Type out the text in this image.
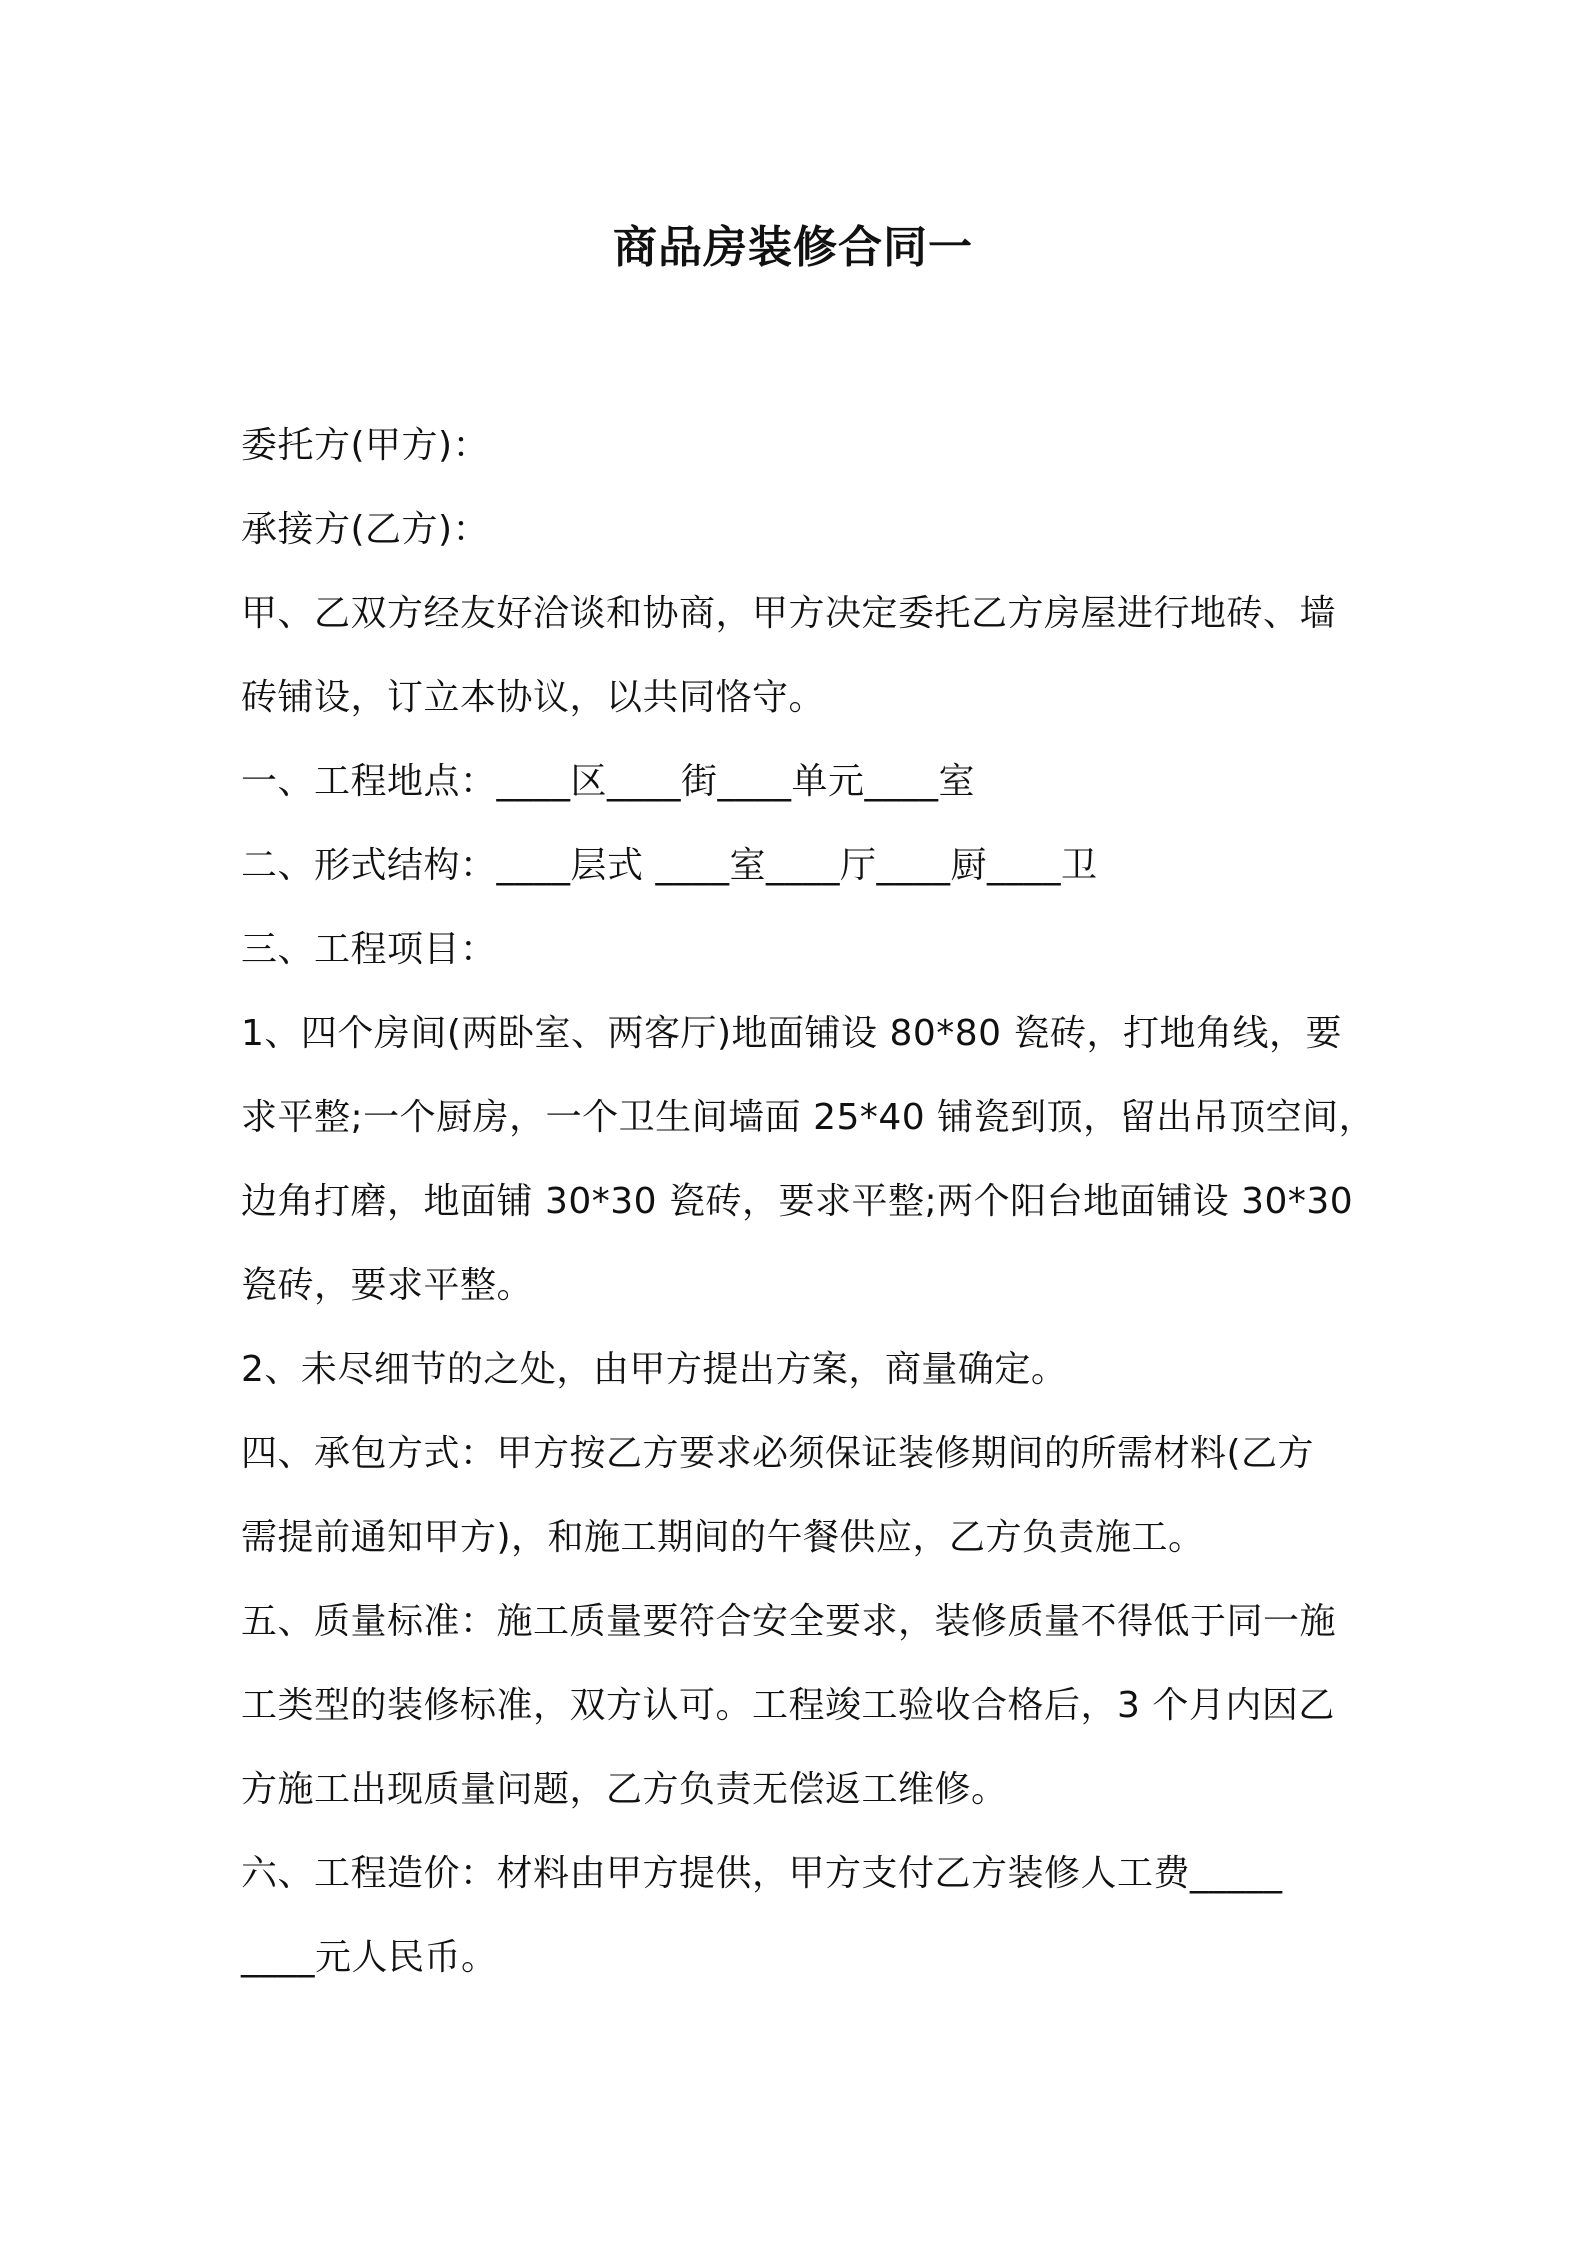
商品房装修合同一
委托方(甲方)：
承接方(乙方)：
甲、乙双方经友好洽谈和协商，甲方决定委托乙方房屋进行地砖、墙
砖铺设，订立本协议，以共同恪守。
一、工程地点：____区____街____单元____室
二、形式结构：____层式 ____室____厅____厨____卫
三、工程项目：
1、四个房间(两卧室、两客厅)地面铺设 80*80 瓷砖，打地角线，要
求平整;一个厨房，一个卫生间墙面 25*40 铺瓷到顶，留出吊顶空间，
边角打磨，地面铺 30*30 瓷砖，要求平整;两个阳台地面铺设 30*30
瓷砖，要求平整。
2、未尽细节的之处，由甲方提出方案，商量确定。
四、承包方式：甲方按乙方要求必须保证装修期间的所需材料(乙方
需提前通知甲方)，和施工期间的午餐供应，乙方负责施工。
五、质量标准：施工质量要符合安全要求，装修质量不得低于同一施
工类型的装修标准，双方认可。工程竣工验收合格后，3 个月内因乙
方施工出现质量问题，乙方负责无偿返工维修。
六、工程造价：材料由甲方提供，甲方支付乙方装修人工费_____
____元人民币。
